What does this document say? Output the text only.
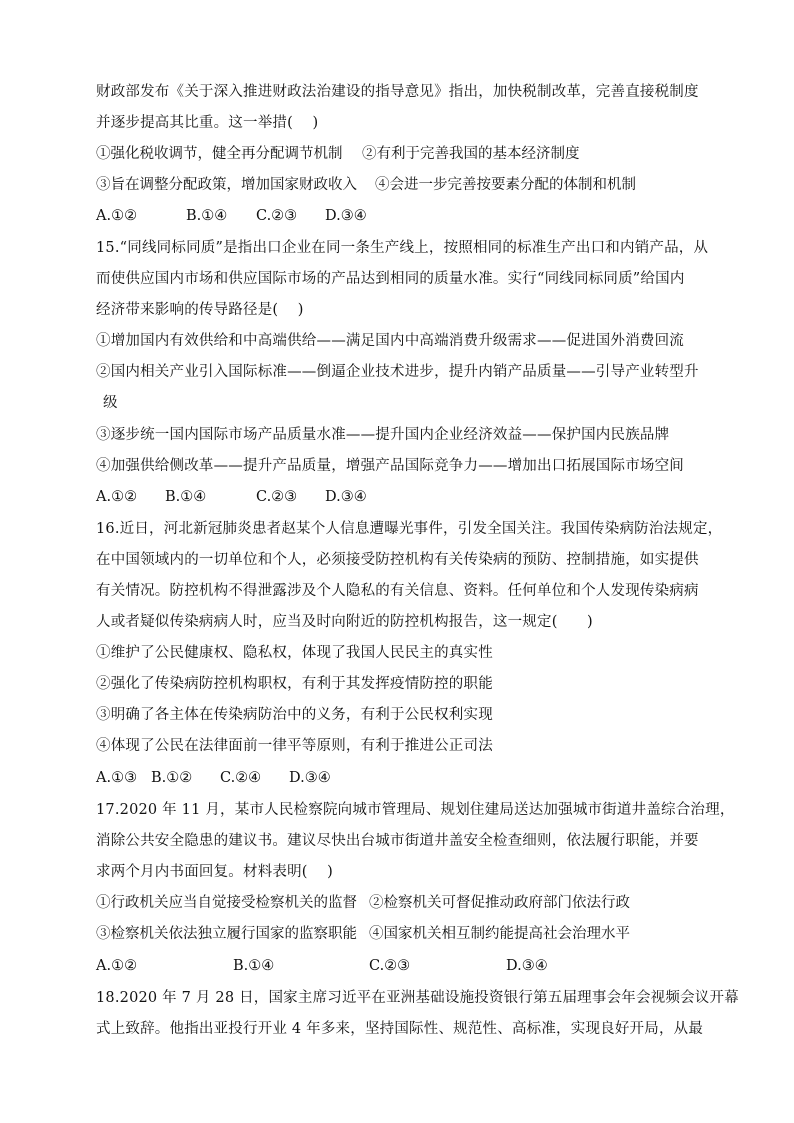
财政部发布《关于深入推进财政法治建设的指导意见》指出，加快税制改革，完善直接税制度
并逐步提高其比重。这一举措(　 )
①强化税收调节，健全再分配调节机制 ②有利于完善我国的基本经济制度
③旨在调整分配政策，增加国家财政收入 ④会进一步完善按要素分配的体制和机制
A.①②	B.①④ C.②③ D.③④
15.“同线同标同质”是指出口企业在同一条生产线上，按照相同的标准生产出口和内销产品，从
而使供应国内市场和供应国际市场的产品达到相同的质量水准。实行“同线同标同质”给国内
经济带来影响的传导路径是(　 )
①增加国内有效供给和中高端供给——满足国内中高端消费升级需求——促进国外消费回流
②国内相关产业引入国际标准——倒逼企业技术进步，提升内销产品质量——引导产业转型升
级
③逐步统一国内国际市场产品质量水准——提升国内企业经济效益——保护国内民族品牌
④加强供给侧改革——提升产品质量，增强产品国际竞争力——增加出口拓展国际市场空间
A.①② B.①④	C.②③ D.③④
16.近日，河北新冠肺炎患者赵某个人信息遭曝光事件，引发全国关注。我国传染病防治法规定，
在中国领域内的一切单位和个人，必须接受防控机构有关传染病的预防、控制措施，如实提供
有关情况。防控机构不得泄露涉及个人隐私的有关信息、资料。任何单位和个人发现传染病病
人或者疑似传染病病人时，应当及时向附近的防控机构报告，这一规定(　　)
①维护了公民健康权、隐私权，体现了我国人民民主的真实性
②强化了传染病防控机构职权，有利于其发挥疫情防控的职能
③明确了各主体在传染病防治中的义务，有利于公民权利实现
④体现了公民在法律面前一律平等原则，有利于推进公正司法
A.①③ B.①② C.②④ D.③④
17.2020 年 11 月，某市人民检察院向城市管理局、规划住建局送达加强城市街道井盖综合治理，
消除公共安全隐患的建议书。建议尽快出台城市街道井盖安全检查细则，依法履行职能，并要
求两个月内书面回复。材料表明(　 )
①行政机关应当自觉接受检察机关的监督 ②检察机关可督促推动政府部门依法行政
③检察机关依法独立履行国家的监察职能 ④国家机关相互制约能提高社会治理水平
A.①②	B.①④	C.②③	D.③④
18.2020 年 7 月 28 日，国家主席习近平在亚洲基础设施投资银行第五届理事会年会视频会议开幕
式上致辞。他指出亚投行开业 4 年多来，坚持国际性、规范性、高标准，实现良好开局，从最
